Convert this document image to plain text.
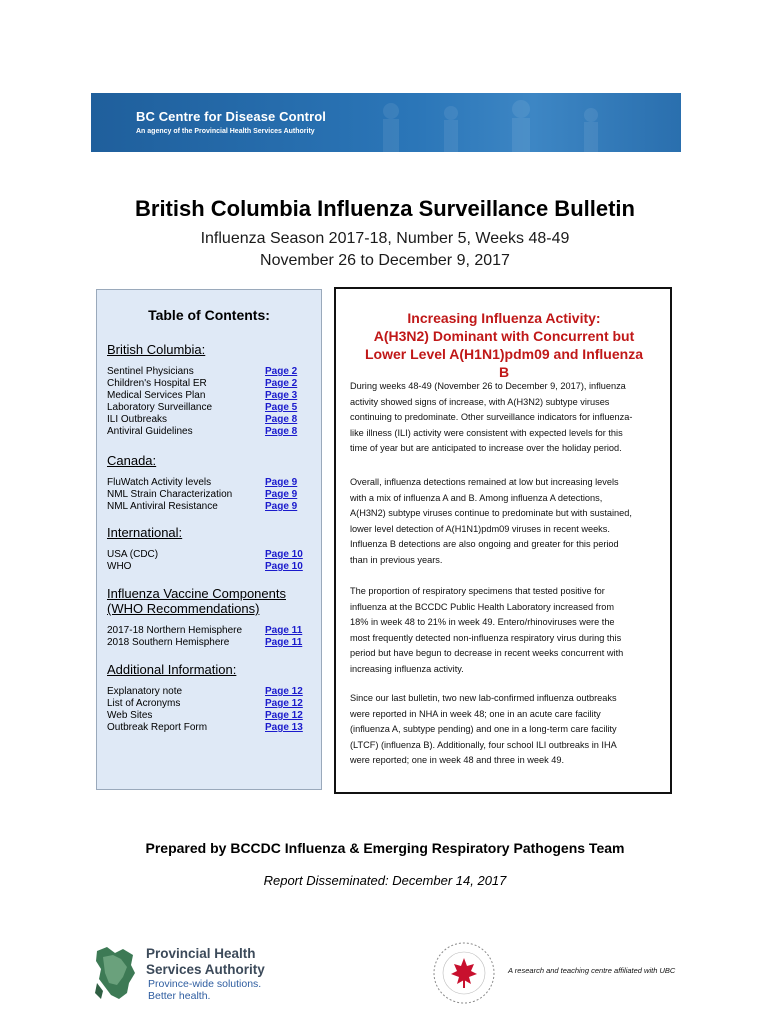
BC Centre for Disease Control
An agency of the Provincial Health Services Authority
British Columbia Influenza Surveillance Bulletin
Influenza Season 2017-18, Number 5, Weeks 48-49
November 26 to December 9, 2017
Table of Contents:
British Columbia:
Sentinel Physicians	Page 2
Children's Hospital ER	Page 2
Medical Services Plan	Page 3
Laboratory Surveillance	Page 5
ILI Outbreaks	Page 8
Antiviral Guidelines	Page 8
Canada:
FluWatch Activity levels	Page 9
NML Strain Characterization	Page 9
NML Antiviral Resistance	Page 9
International:
USA (CDC)	Page 10
WHO	Page 10
Influenza Vaccine Components
(WHO Recommendations)
2017-18 Northern Hemisphere	Page 11
2018 Southern Hemisphere	Page 11
Additional Information:
Explanatory note	Page 12
List of Acronyms	Page 12
Web Sites	Page 12
Outbreak Report Form	Page 13
Increasing Influenza Activity:
A(H3N2) Dominant with Concurrent but
Lower Level A(H1N1)pdm09 and Influenza
B
During weeks 48-49 (November 26 to December 9, 2017), influenza
activity showed signs of increase, with A(H3N2) subtype viruses
continuing to predominate. Other surveillance indicators for influenza-
like illness (ILI) activity were consistent with expected levels for this
time of year but are anticipated to increase over the holiday period.
Overall, influenza detections remained at low but increasing levels
with a mix of influenza A and B. Among influenza A detections,
A(H3N2) subtype viruses continue to predominate but with sustained,
lower level detection of A(H1N1)pdm09 viruses in recent weeks.
Influenza B detections are also ongoing and greater for this period
than in previous years.
The proportion of respiratory specimens that tested positive for
influenza at the BCCDC Public Health Laboratory increased from
18% in week 48 to 21% in week 49. Entero/rhinoviruses were the
most frequently detected non-influenza respiratory virus during this
period but have begun to decrease in recent weeks concurrent with
increasing influenza activity.
Since our last bulletin, two new lab-confirmed influenza outbreaks
were reported in NHA in week 48; one in an acute care facility
(influenza A, subtype pending) and one in a long-term care facility
(LTCF) (influenza B). Additionally, four school ILI outbreaks in IHA
were reported; one in week 48 and three in week 49.
Prepared by BCCDC Influenza & Emerging Respiratory Pathogens Team
Report Disseminated: December 14, 2017
Provincial Health
Services Authority
Province-wide solutions.
Better health.
A research and teaching centre affiliated with UBC
